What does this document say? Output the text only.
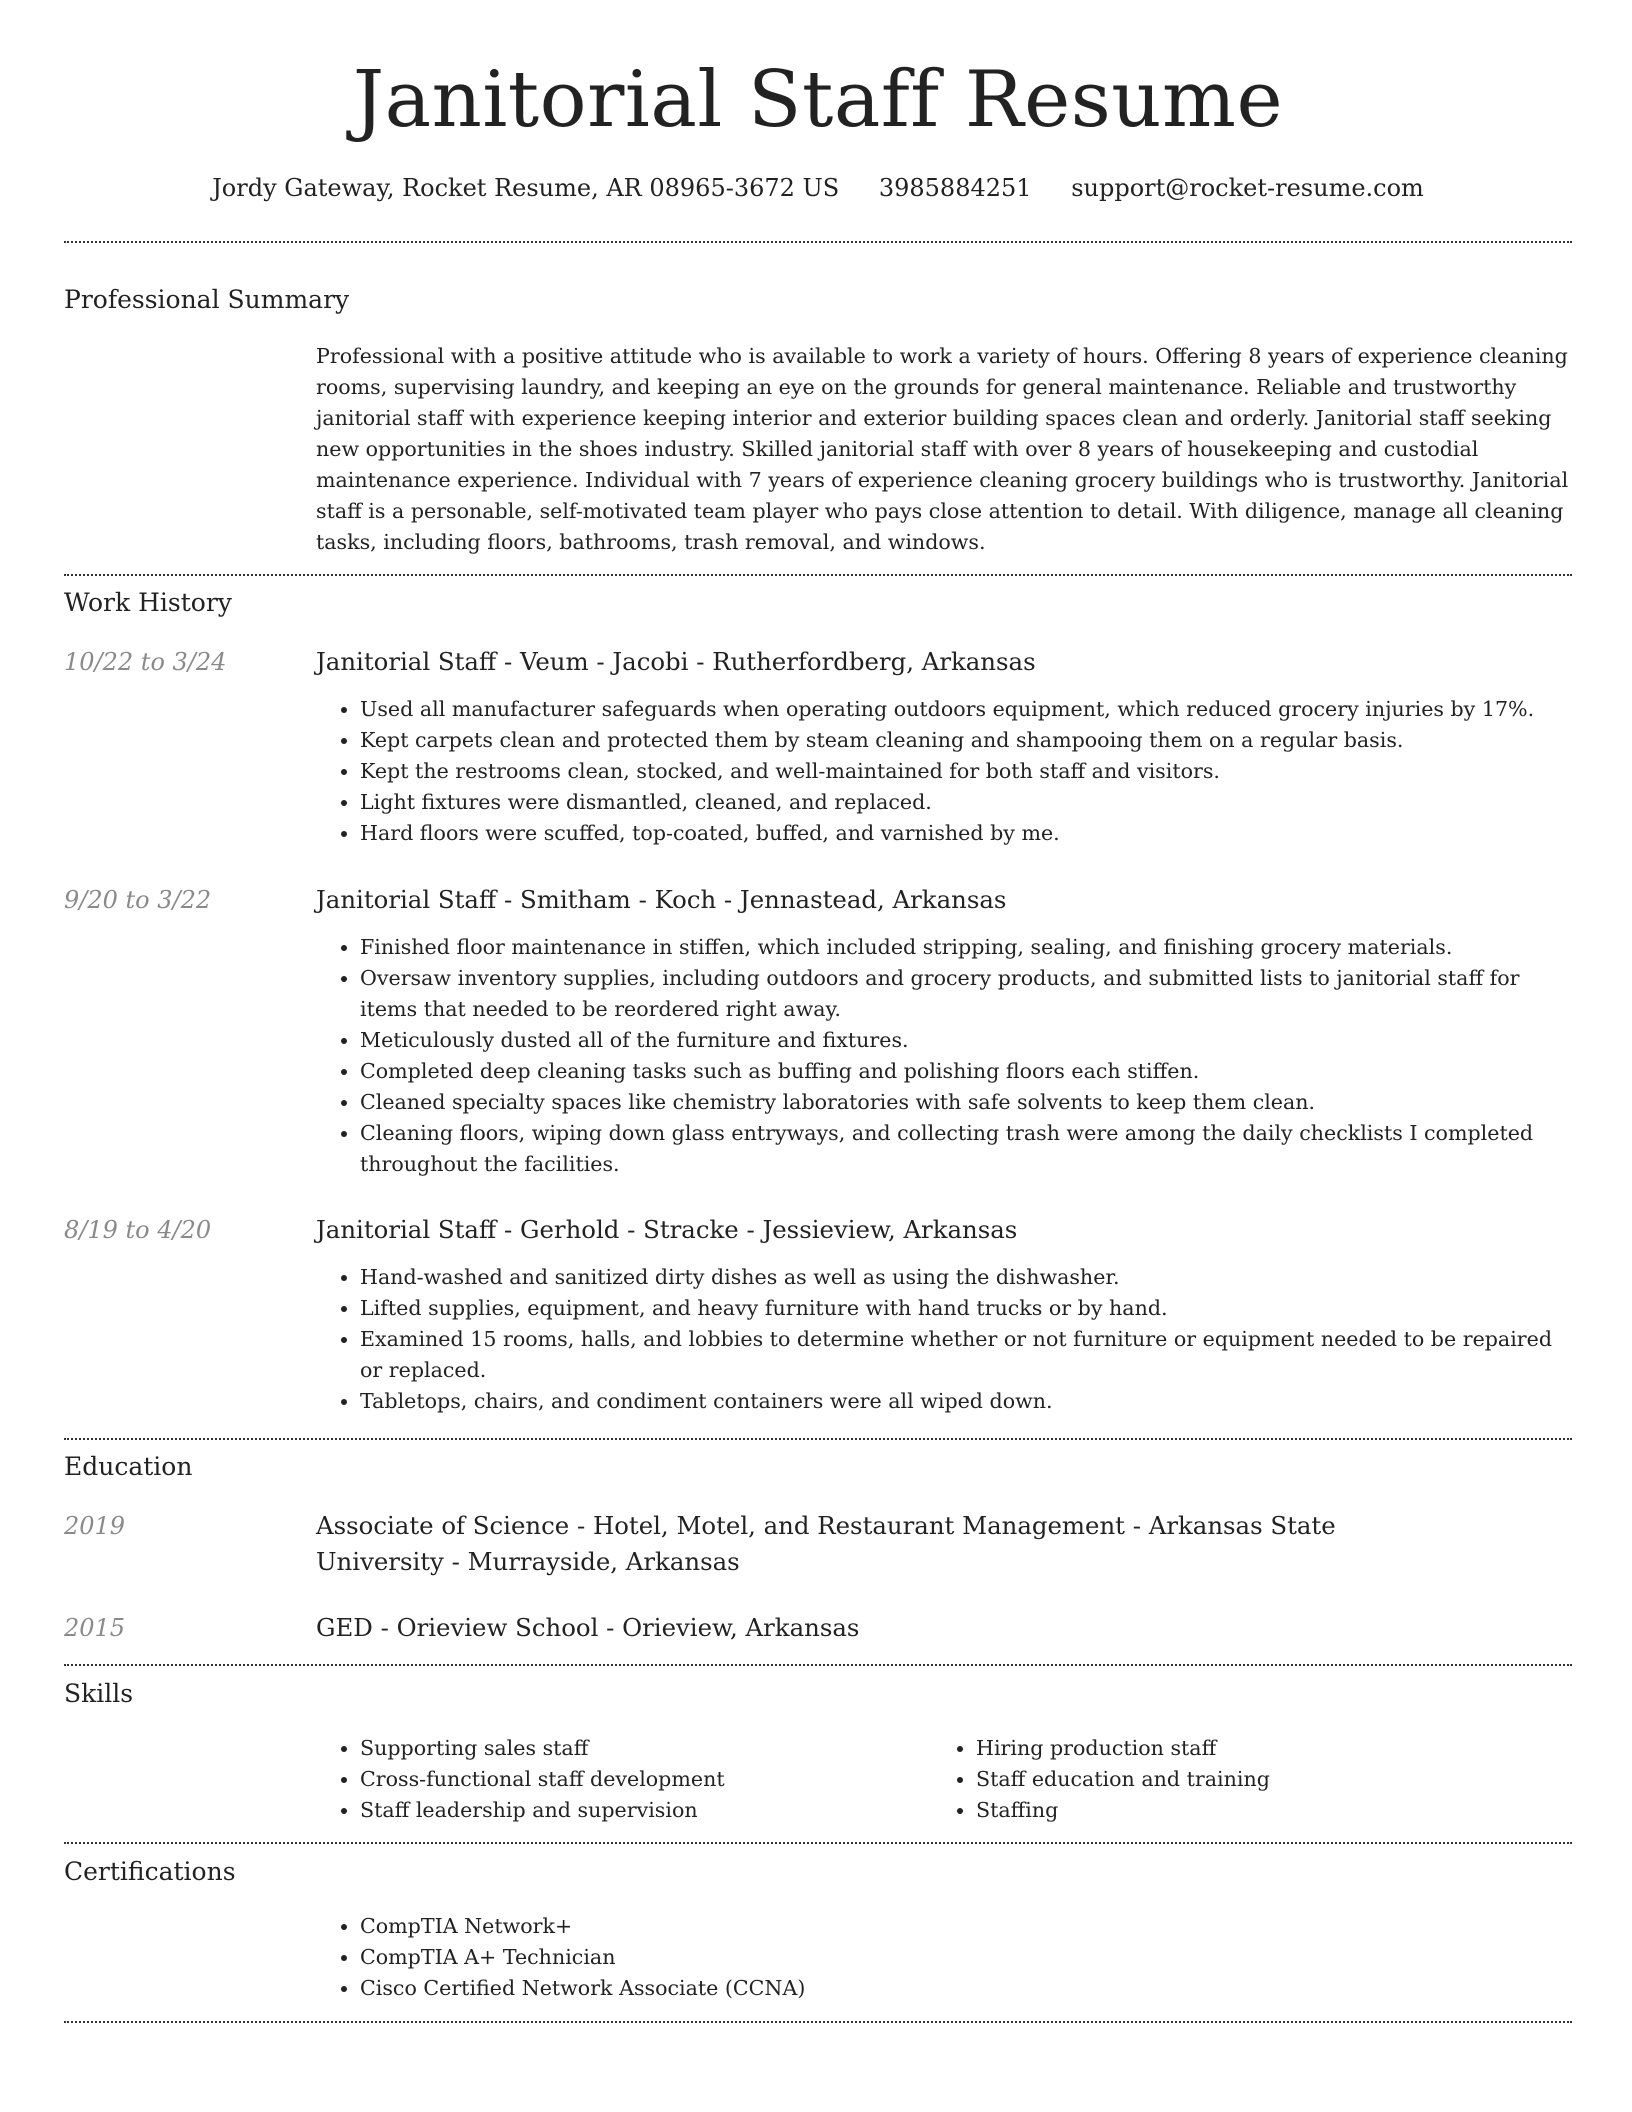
Janitorial Staff Resume
Jordy Gateway, Rocket Resume, AR 08965-3672 US 3985884251 support@rocket-resume.com
Professional Summary

Professional with a positive attitude who is available to work a variety of hours. Offering 8 years of experience cleaning rooms, supervising laundry, and keeping an eye on the grounds for general maintenance. Reliable and trustworthy janitorial staff with experience keeping interior and exterior building spaces clean and orderly. Janitorial staff seeking new opportunities in the shoes industry. Skilled janitorial staff with over 8 years of housekeeping and custodial maintenance experience. Individual with 7 years of experience cleaning grocery buildings who is trustworthy. Janitorial staff is a personable, self-motivated team player who pays close attention to detail. With diligence, manage all cleaning tasks, including floors, bathrooms, trash removal, and windows.

Work History
10/22 to 3/24	Janitorial Staff - Veum - Jacobi - Rutherfordberg, Arkansas
• Used all manufacturer safeguards when operating outdoors equipment, which reduced grocery injuries by 17%.
• Kept carpets clean and protected them by steam cleaning and shampooing them on a regular basis.
• Kept the restrooms clean, stocked, and well-maintained for both staff and visitors.
• Light fixtures were dismantled, cleaned, and replaced.
• Hard floors were scuffed, top-coated, buffed, and varnished by me.
9/20 to 3/22	Janitorial Staff - Smitham - Koch - Jennastead, Arkansas
• Finished floor maintenance in stiffen, which included stripping, sealing, and finishing grocery materials.
• Oversaw inventory supplies, including outdoors and grocery products, and submitted lists to janitorial staff for items that needed to be reordered right away.
• Meticulously dusted all of the furniture and fixtures.
• Completed deep cleaning tasks such as buffing and polishing floors each stiffen.
• Cleaned specialty spaces like chemistry laboratories with safe solvents to keep them clean.
• Cleaning floors, wiping down glass entryways, and collecting trash were among the daily checklists I completed throughout the facilities.
8/19 to 4/20	Janitorial Staff - Gerhold - Stracke - Jessieview, Arkansas
• Hand-washed and sanitized dirty dishes as well as using the dishwasher.
• Lifted supplies, equipment, and heavy furniture with hand trucks or by hand.
• Examined 15 rooms, halls, and lobbies to determine whether or not furniture or equipment needed to be repaired or replaced.
• Tabletops, chairs, and condiment containers were all wiped down.
Education
2019	Associate of Science - Hotel, Motel, and Restaurant Management - Arkansas State University - Murrayside, Arkansas
2015	GED - Orieview School - Orieview, Arkansas
Skills
• Supporting sales staff
• Cross-functional staff development
• Staff leadership and supervision
• Hiring production staff
• Staff education and training
• Staffing
Certifications
• CompTIA Network+
• CompTIA A+ Technician
• Cisco Certified Network Associate (CCNA)
